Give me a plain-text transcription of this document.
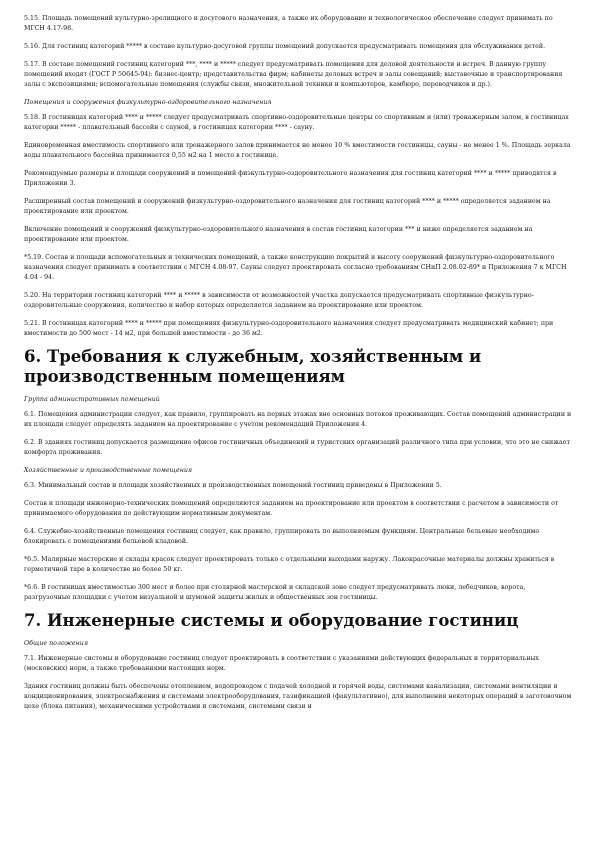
5.15. Площадь помещений культурно-зрелищного и досугового назначения, а также их оборудование и технологическое обеспечение следует принимать по МГСН 4.17-98.
5.16. Для гостиниц категорий ***** в составе культурно-досуговой группы помещений допускается предусматривать помещения для обслуживания детей.
5.17. В составе помещений гостиниц категорий ***, **** и ***** следует предусматривать помещения для деловой деятельности и встреч. В данную группу помещений входят (ГОСТ Р 50645-94): бизнес-центр; представительства фирм; кабинеты деловых встреч и залы совещаний; выставочные и транспортирования залы с экспозициями; вспомогательные помещения (службы связи, множительной техники и компьютеров, камбюро, переводчиков и др.).
Помещения и сооружения физкультурно-оздоровительного назначения
5.18. В гостиницах категорий **** и ***** следует предусматривать спортивно-оздоровительные центры со спортивным и (или) тренажерным залом, в гостиницах категории ***** - плавательный бассейн с сауной, в гостиницах категории **** - сауну.
Единовременная вместимость спортивного или тренажерного залов принимается не менее 10 % вместимости гостиницы, сауны - не менее 1 %. Площадь зеркала воды плавательного бассейна принимается 0,55 м2 на 1 место в гостинице.
Рекомендуемые размеры и площади сооружений и помещений физкультурно-оздоровительного назначения для гостиниц категорий **** и ***** приводятся в Приложении 3.
Расширенный состав помещений и сооружений физкультурно-оздоровительного назначения для гостиниц категорий **** и ***** определяется заданием на проектирование или проектом.
Включение помещений и сооружений физкультурно-оздоровительного назначения в состав гостиниц категории *** и ниже определяется заданием на проектирование или проектом.
*5.19. Состав и площади вспомогательных и технических помещений, а также конструкцию покрытий и высоту сооружений физкультурно-оздоровительного назначения следует принимать в соответствии с МГСН 4.08-97. Сауны следует проектировать согласно требованиям СНиП 2.08.02-89* и Приложения 7 к МГСН 4.04 - 94.
5.20. На территории гостиниц категорий **** и ***** в зависимости от возможностей участка допускается предусматривать спортивные физкультурно-оздоровительные сооружения, количество и набор которых определяется заданием на проектирование или проектом.
5.21. В гостиницах категорий **** и ***** при помещениях физкультурно-оздоровительного назначения следует предусматривать медицинский кабинет; при вместимости до 500 мест - 14 м2, при большей вместимости - до 36 м2.
6. Требования к служебным, хозяйственным и производственным помещениям
Группа административных помещений
6.1. Помещения администрации следует, как правило, группировать на первых этажах вне основных потоков проживающих. Состав помещений администрации и их площади следует определять заданием на проектирование с учетом рекомендаций Приложения 4.
6.2. В зданиях гостиниц допускается размещение офисов гостиничных объединений и туристских организаций различного типа при условии, что это не снижает комфорта проживания.
Хозяйственные и производственные помещения
6.3. Минимальный состав и площади хозяйственных и производственных помещений гостиниц приведены в Приложении 5.
Состав и площади инженерно-технических помещений определяются заданием на проектирование или проектом в соответствии с расчетом в зависимости от принимаемого оборудования по действующим нормативным документам.
6.4. Служебно-хозяйственные помещения гостиниц следует, как правило, группировать по выполняемым функциям. Центральные бельевые необходимо блокировать с помещениями бельевой кладовой.
*6.5. Малярные мастерские и склады красок следует проектировать только с отдельными выходами наружу. Лакокрасочные материалы должны храниться в герметичной таре в количестве не более 50 кг.
*6.6. В гостиницах вместимостью 300 мест и более при столярной мастерской и складской зоне следует предусматривать люки, лебедчиков, ворота, разгрузочные площадки с учетом визуальной и шумовой защиты жилых и общественных зон гостиницы.
7. Инженерные системы и оборудование гостиниц
Общие положения
7.1. Инженерные системы и оборудование гостиниц следует проектировать в соответствии с указаниями действующих федеральных и территориальных (московских) норм, а также требованиями настоящих норм.
Здания гостиниц должны быть обеспечены отоплением, водопроводом с подачей холодной и горячей воды, системами канализации, системами вентиляции и кондиционирования, электроснабжения и системами электрооборудования, газификацией (факультативно), для выполнения некоторых операций в заготовочном цехе (блока питания), механическими устройствами и системами, системами связи и
